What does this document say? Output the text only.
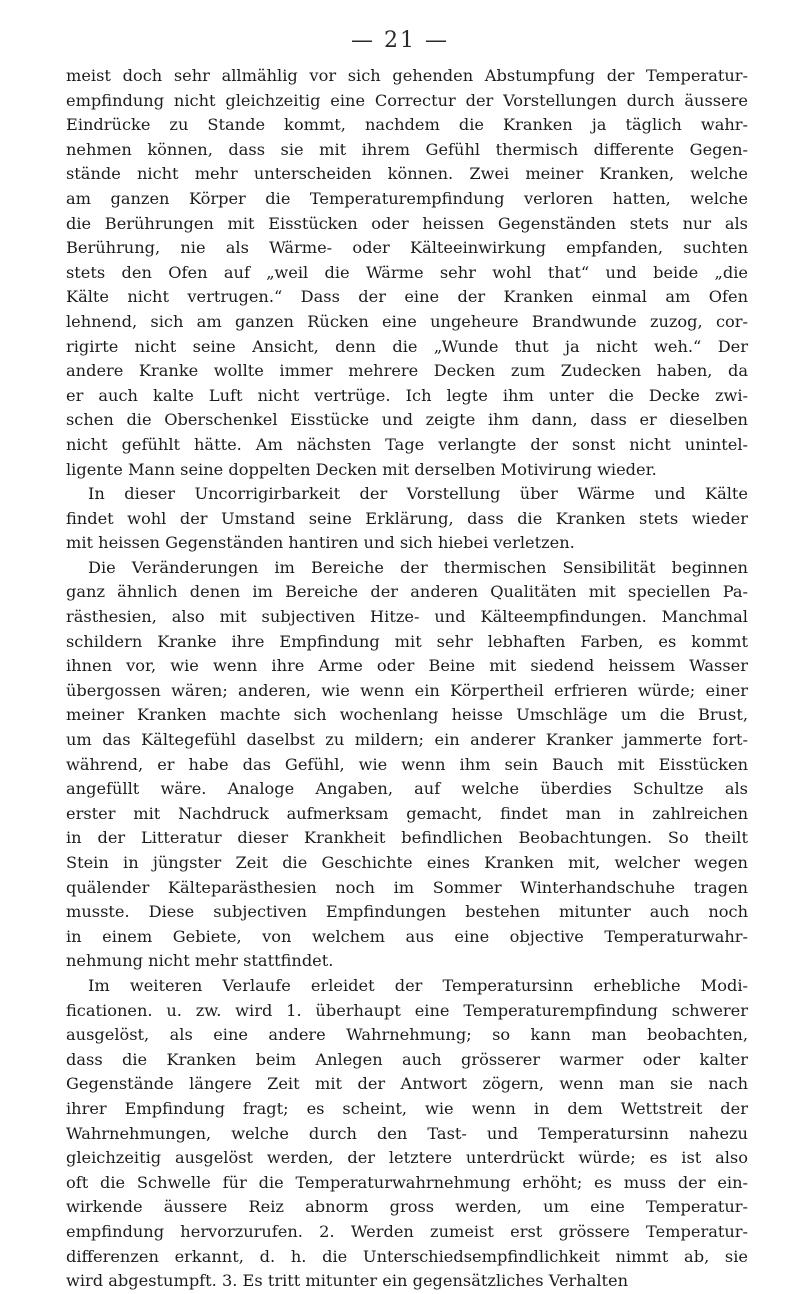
— 21 —
meist doch sehr allmählig vor sich gehenden Abstumpfung der Temperatur-
empfindung nicht gleichzeitig eine Correctur der Vorstellungen durch äussere
Eindrücke zu Stande kommt, nachdem die Kranken ja täglich wahr-
nehmen können, dass sie mit ihrem Gefühl thermisch differente Gegen-
stände nicht mehr unterscheiden können. Zwei meiner Kranken, welche
am ganzen Körper die Temperaturempfindung verloren hatten, welche
die Berührungen mit Eisstücken oder heissen Gegenständen stets nur als
Berührung, nie als Wärme- oder Kälteeinwirkung empfanden, suchten
stets den Ofen auf „weil die Wärme sehr wohl that“ und beide „die
Kälte nicht vertrugen.“ Dass der eine der Kranken einmal am Ofen
lehnend, sich am ganzen Rücken eine ungeheure Brandwunde zuzog, cor-
rigirte nicht seine Ansicht, denn die „Wunde thut ja nicht weh.“ Der
andere Kranke wollte immer mehrere Decken zum Zudecken haben, da
er auch kalte Luft nicht vertrüge. Ich legte ihm unter die Decke zwi-
schen die Oberschenkel Eisstücke und zeigte ihm dann, dass er dieselben
nicht gefühlt hätte. Am nächsten Tage verlangte der sonst nicht unintel-
ligente Mann seine doppelten Decken mit derselben Motivirung wieder.
In dieser Uncorrigirbarkeit der Vorstellung über Wärme und Kälte
findet wohl der Umstand seine Erklärung, dass die Kranken stets wieder
mit heissen Gegenständen hantiren und sich hiebei verletzen.
Die Veränderungen im Bereiche der thermischen Sensibilität beginnen
ganz ähnlich denen im Bereiche der anderen Qualitäten mit speciellen Pa-
rästhesien, also mit subjectiven Hitze- und Kälteempfindungen. Manchmal
schildern Kranke ihre Empfindung mit sehr lebhaften Farben, es kommt
ihnen vor, wie wenn ihre Arme oder Beine mit siedend heissem Wasser
übergossen wären; anderen, wie wenn ein Körpertheil erfrieren würde; einer
meiner Kranken machte sich wochenlang heisse Umschläge um die Brust,
um das Kältegefühl daselbst zu mildern; ein anderer Kranker jammerte fort-
während, er habe das Gefühl, wie wenn ihm sein Bauch mit Eisstücken
angefüllt wäre. Analoge Angaben, auf welche überdies Schultze als
erster mit Nachdruck aufmerksam gemacht, findet man in zahlreichen
in der Litteratur dieser Krankheit befindlichen Beobachtungen. So theilt
Stein in jüngster Zeit die Geschichte eines Kranken mit, welcher wegen
quälender Kälteparästhesien noch im Sommer Winterhandschuhe tragen
musste. Diese subjectiven Empfindungen bestehen mitunter auch noch
in einem Gebiete, von welchem aus eine objective Temperaturwahr-
nehmung nicht mehr stattfindet.
Im weiteren Verlaufe erleidet der Temperatursinn erhebliche Modi-
ficationen. u. zw. wird 1. überhaupt eine Temperaturempfindung schwerer
ausgelöst, als eine andere Wahrnehmung; so kann man beobachten,
dass die Kranken beim Anlegen auch grösserer warmer oder kalter
Gegenstände längere Zeit mit der Antwort zögern, wenn man sie nach
ihrer Empfindung fragt; es scheint, wie wenn in dem Wettstreit der
Wahrnehmungen, welche durch den Tast- und Temperatursinn nahezu
gleichzeitig ausgelöst werden, der letztere unterdrückt würde; es ist also
oft die Schwelle für die Temperaturwahrnehmung erhöht; es muss der ein-
wirkende äussere Reiz abnorm gross werden, um eine Temperatur-
empfindung hervorzurufen. 2. Werden zumeist erst grössere Temperatur-
differenzen erkannt, d. h. die Unterschiedsempfindlichkeit nimmt ab, sie
wird abgestumpft. 3. Es tritt mitunter ein gegensätzliches Verhalten
